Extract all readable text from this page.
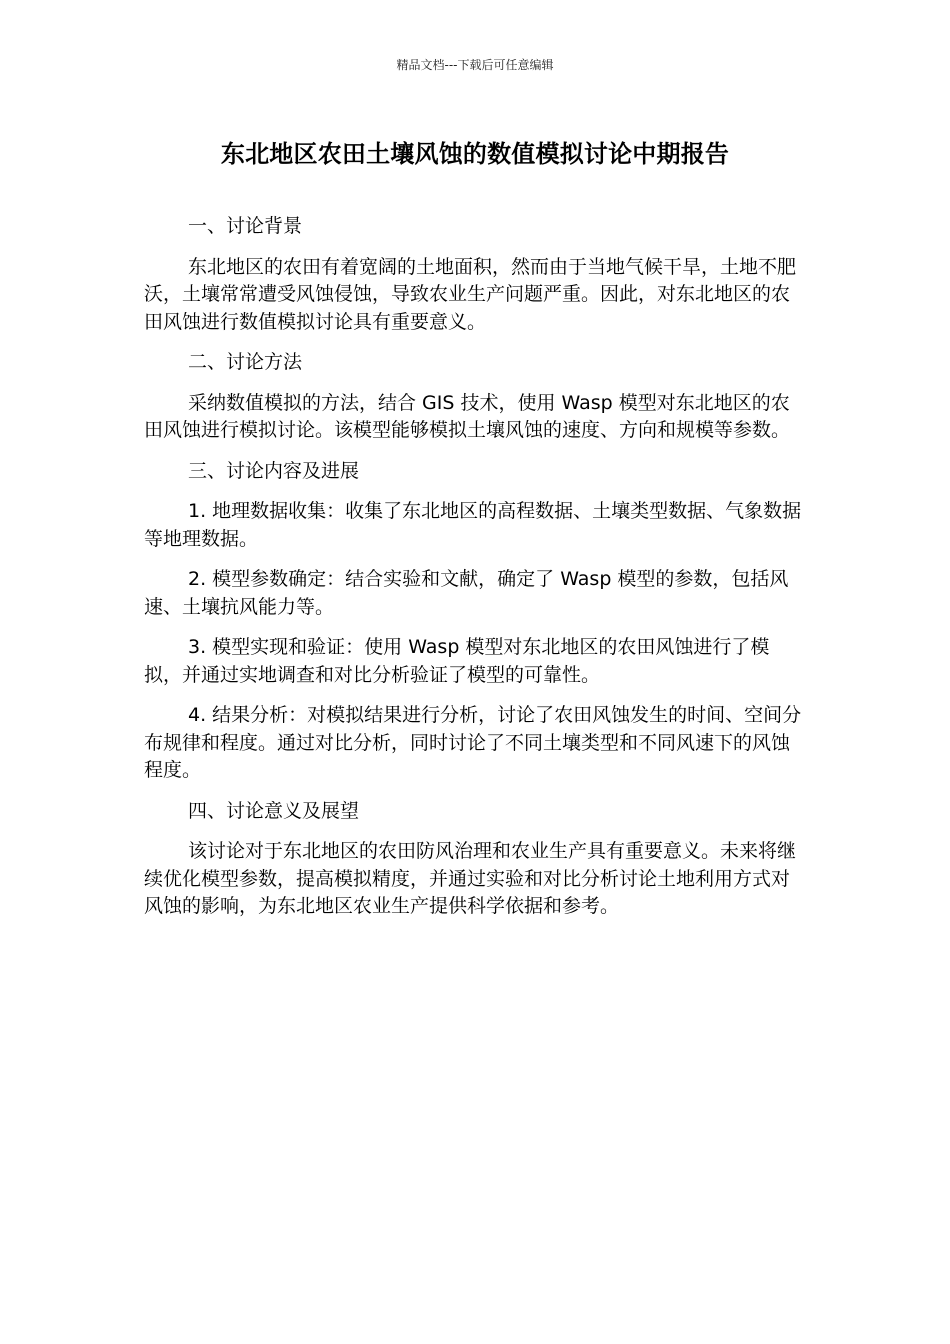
精品文档---下载后可任意编辑
东北地区农田土壤风蚀的数值模拟讨论中期报告
一、讨论背景
东北地区的农田有着宽阔的土地面积，然而由于当地气候干旱，土地不肥沃，土壤常常遭受风蚀侵蚀，导致农业生产问题严重。因此，对东北地区的农田风蚀进行数值模拟讨论具有重要意义。
二、讨论方法
采纳数值模拟的方法，结合 GIS 技术，使用 Wasp 模型对东北地区的农田风蚀进行模拟讨论。该模型能够模拟土壤风蚀的速度、方向和规模等参数。
三、讨论内容及进展
1. 地理数据收集：收集了东北地区的高程数据、土壤类型数据、气象数据等地理数据。
2. 模型参数确定：结合实验和文献，确定了 Wasp 模型的参数，包括风速、土壤抗风能力等。
3. 模型实现和验证：使用 Wasp 模型对东北地区的农田风蚀进行了模拟，并通过实地调查和对比分析验证了模型的可靠性。
4. 结果分析：对模拟结果进行分析，讨论了农田风蚀发生的时间、空间分布规律和程度。通过对比分析，同时讨论了不同土壤类型和不同风速下的风蚀程度。
四、讨论意义及展望
该讨论对于东北地区的农田防风治理和农业生产具有重要意义。未来将继续优化模型参数，提高模拟精度，并通过实验和对比分析讨论土地利用方式对风蚀的影响，为东北地区农业生产提供科学依据和参考。
